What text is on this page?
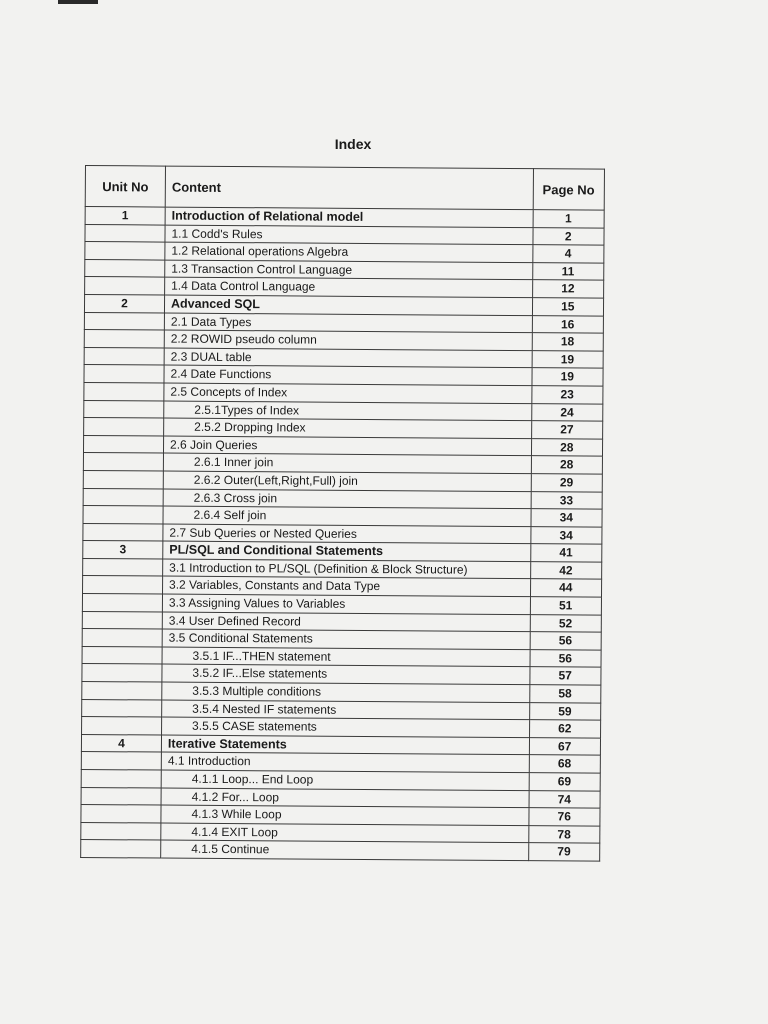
Index
Unit No	Content	Page No
1	Introduction of Relational model	1
	1.1 Codd's Rules	2
	1.2 Relational operations Algebra	4
	1.3 Transaction Control Language	11
	1.4 Data Control Language	12
2	Advanced SQL	15
	2.1 Data Types	16
	2.2 ROWID pseudo column	18
	2.3 DUAL table	19
	2.4 Date Functions	19
	2.5 Concepts of Index	23
	2.5.1Types of Index	24
	2.5.2 Dropping Index	27
	2.6 Join Queries	28
	2.6.1 Inner join	28
	2.6.2 Outer(Left,Right,Full) join	29
	2.6.3 Cross join	33
	2.6.4 Self join	34
	2.7 Sub Queries or Nested Queries	34
3	PL/SQL and Conditional Statements	41
	3.1 Introduction to PL/SQL (Definition & Block Structure)	42
	3.2 Variables, Constants and Data Type	44
	3.3 Assigning Values to Variables	51
	3.4 User Defined Record	52
	3.5 Conditional Statements	56
	3.5.1 IF...THEN statement	56
	3.5.2 IF...Else statements	57
	3.5.3 Multiple conditions	58
	3.5.4 Nested IF statements	59
	3.5.5 CASE statements	62
4	Iterative Statements	67
	4.1 Introduction	68
	4.1.1 Loop... End Loop	69
	4.1.2 For... Loop	74
	4.1.3 While Loop	76
	4.1.4 EXIT Loop	78
	4.1.5 Continue	79
